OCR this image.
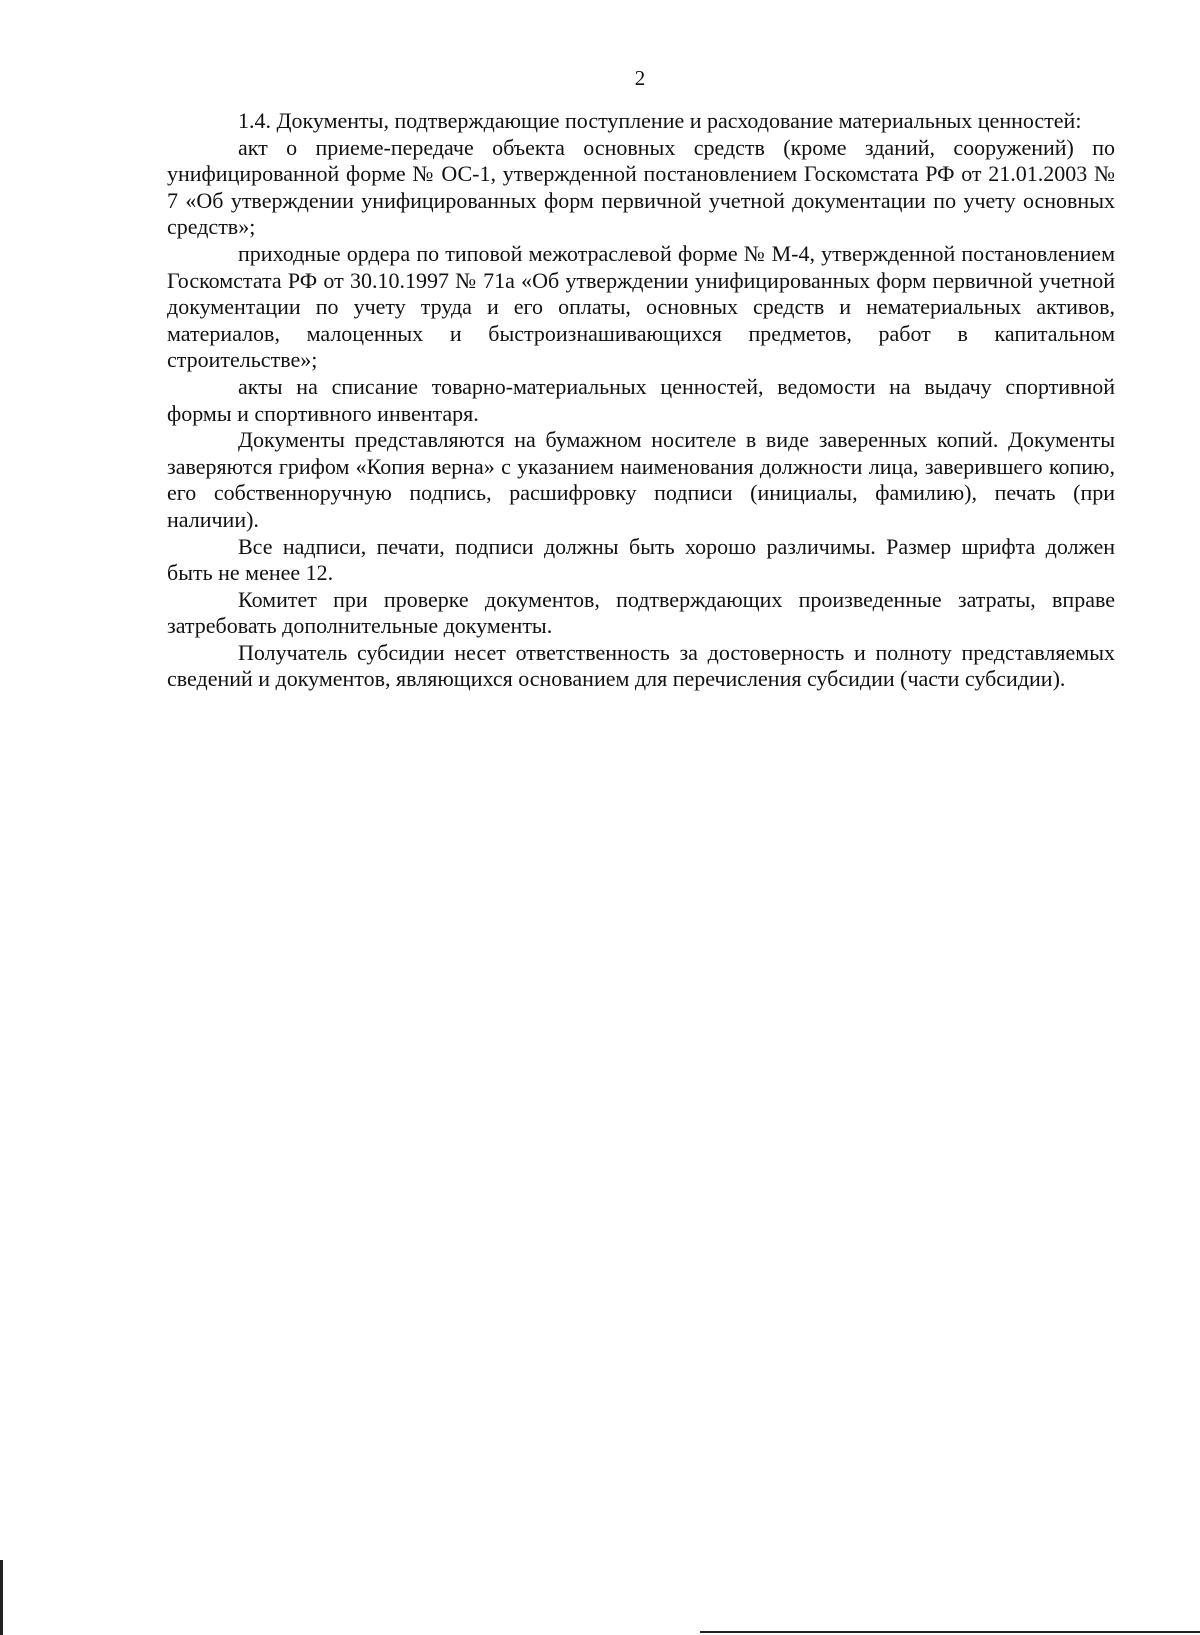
2

1.4. Документы, подтверждающие поступление и расходование материальных ценностей:

акт о приеме-передаче объекта основных средств (кроме зданий, сооружений) по унифицированной форме № ОС-1, утвержденной постановлением Госкомстата РФ от 21.01.2003 № 7 «Об утверждении унифицированных форм первичной учетной документации по учету основных средств»;

приходные ордера по типовой межотраслевой форме № М-4, утвержденной постановлением Госкомстата РФ от 30.10.1997 № 71а «Об утверждении унифицированных форм первичной учетной документации по учету труда и его оплаты, основных средств и нематериальных активов, материалов, малоценных и быстроизнашивающихся предметов, работ в капитальном строительстве»;

акты на списание товарно-материальных ценностей, ведомости на выдачу спортивной формы и спортивного инвентаря.

Документы представляются на бумажном носителе в виде заверенных копий. Документы заверяются грифом «Копия верна» с указанием наименования должности лица, заверившего копию, его собственноручную подпись, расшифровку подписи (инициалы, фамилию), печать (при наличии).

Все надписи, печати, подписи должны быть хорошо различимы. Размер шрифта должен быть не менее 12.

Комитет при проверке документов, подтверждающих произведенные затраты, вправе затребовать дополнительные документы.

Получатель субсидии несет ответственность за достоверность и полноту представляемых сведений и документов, являющихся основанием для перечисления субсидии (части субсидии).
